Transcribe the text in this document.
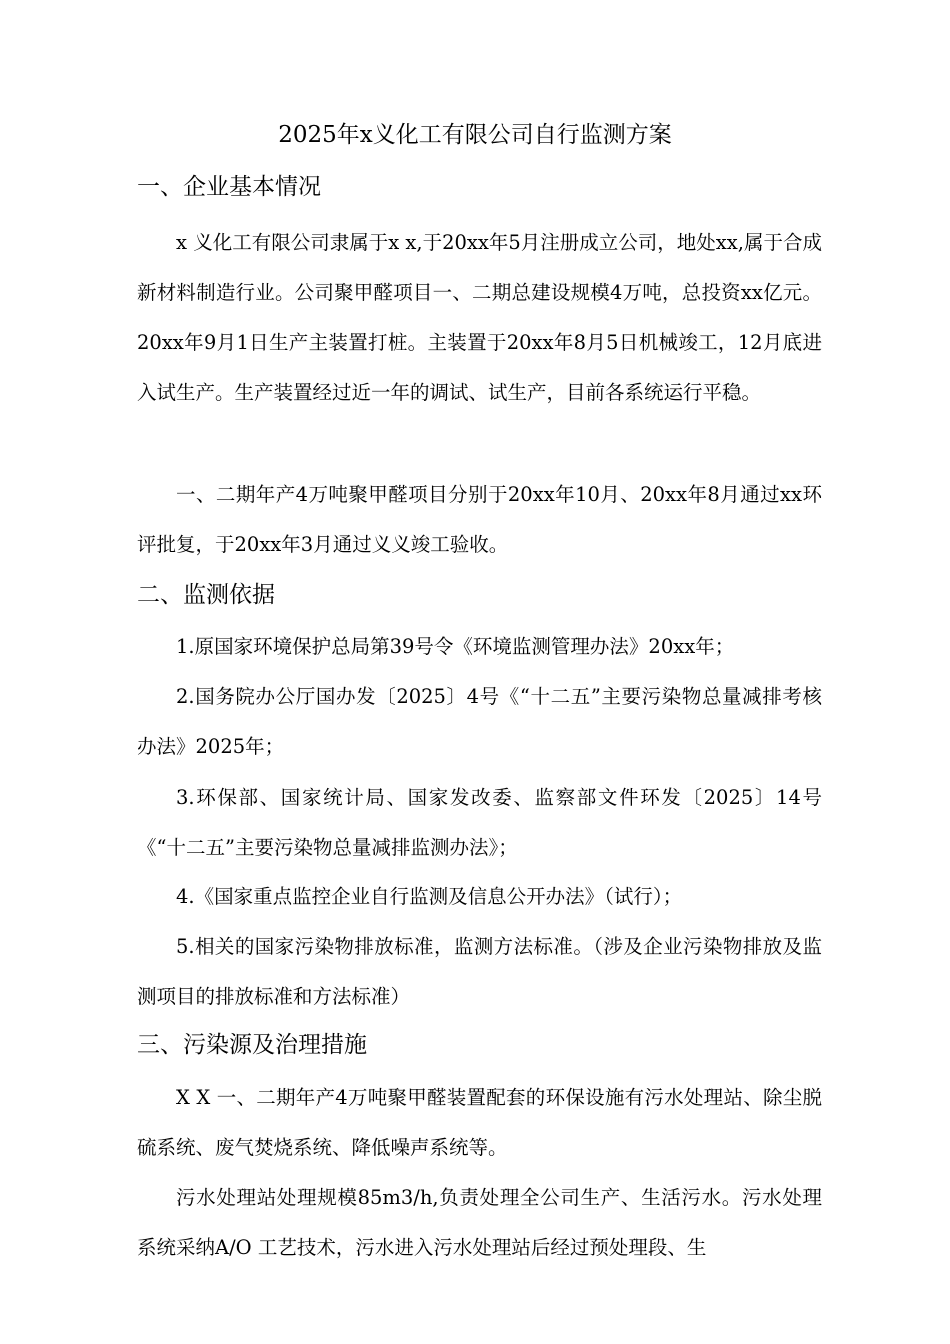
2025年x义化工有限公司自行监测方案
一、企业基本情况

x 义化工有限公司隶属于x x,于20xx年5月注册成立公司，地处xx,属于合成新材料制造行业。公司聚甲醛项目一、二期总建设规模4万吨，总投资xx亿元。20xx年9月1日生产主装置打桩。主装置于20xx年8月5日机械竣工，12月底进入试生产。生产装置经过近一年的调试、试生产，目前各系统运行平稳。

一、二期年产4万吨聚甲醛项目分别于20xx年10月、20xx年8月通过xx环评批复，于20xx年3月通过义义竣工验收。

二、监测依据

1.原国家环境保护总局第39号令《环境监测管理办法》20xx年；

2.国务院办公厅国办发〔2025〕4号《“十二五”主要污染物总量减排考核办法》2025年；

3.环保部、国家统计局、国家发改委、监察部文件环发〔2025〕14号《“十二五”主要污染物总量减排监测办法》；

4.《国家重点监控企业自行监测及信息公开办法》（试行）；

5.相关的国家污染物排放标准，监测方法标准。（涉及企业污染物排放及监测项目的排放标准和方法标准）

三、污染源及治理措施

X X 一、二期年产4万吨聚甲醛装置配套的环保设施有污水处理站、除尘脱硫系统、废气焚烧系统、降低噪声系统等。

污水处理站处理规模85m3/h,负责处理全公司生产、生活污水。污水处理系统采纳A/O 工艺技术，污水进入污水处理站后经过预处理段、生
